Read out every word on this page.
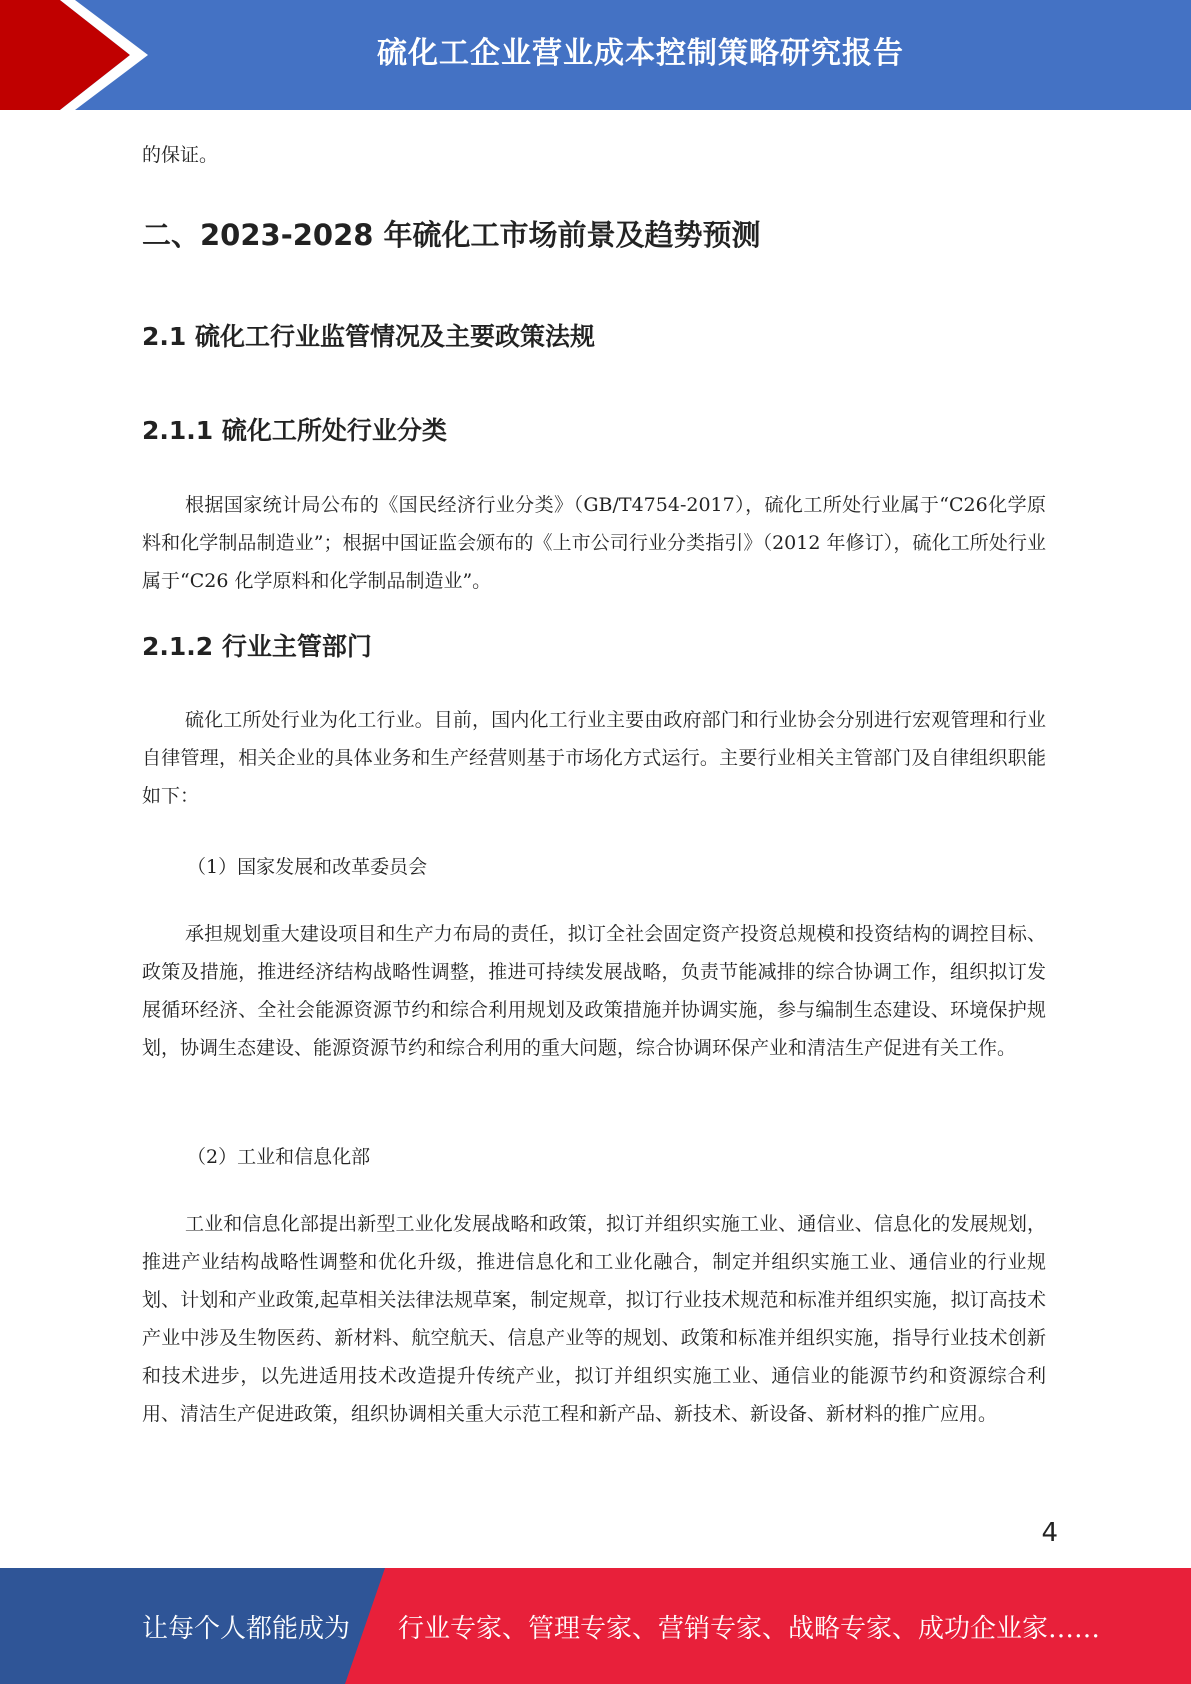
硫化工企业营业成本控制策略研究报告

的保证。

二、2023-2028 年硫化工市场前景及趋势预测
2.1 硫化工行业监管情况及主要政策法规
2.1.1 硫化工所处行业分类

根据国家统计局公布的《国民经济行业分类》（GB/T4754-2017），硫化工所处行业属于“C26化学原料和化学制品制造业”；根据中国证监会颁布的《上市公司行业分类指引》（2012 年修订），硫化工所处行业属于“C26 化学原料和化学制品制造业”。

2.1.2 行业主管部门

硫化工所处行业为化工行业。目前，国内化工行业主要由政府部门和行业协会分别进行宏观管理和行业自律管理，相关企业的具体业务和生产经营则基于市场化方式运行。主要行业相关主管部门及自律组织职能如下：

（1）国家发展和改革委员会

承担规划重大建设项目和生产力布局的责任，拟订全社会固定资产投资总规模和投资结构的调控目标、政策及措施，推进经济结构战略性调整，推进可持续发展战略，负责节能减排的综合协调工作，组织拟订发展循环经济、全社会能源资源节约和综合利用规划及政策措施并协调实施，参与编制生态建设、环境保护规划，协调生态建设、能源资源节约和综合利用的重大问题，综合协调环保产业和清洁生产促进有关工作。

（2）工业和信息化部

工业和信息化部提出新型工业化发展战略和政策，拟订并组织实施工业、通信业、信息化的发展规划，推进产业结构战略性调整和优化升级，推进信息化和工业化融合，制定并组织实施工业、通信业的行业规划、计划和产业政策,起草相关法律法规草案，制定规章，拟订行业技术规范和标准并组织实施，拟订高技术产业中涉及生物医药、新材料、航空航天、信息产业等的规划、政策和标准并组织实施，指导行业技术创新和技术进步，以先进适用技术改造提升传统产业，拟订并组织实施工业、通信业的能源节约和资源综合利用、清洁生产促进政策，组织协调相关重大示范工程和新产品、新技术、新设备、新材料的推广应用。

4
让每个人都能成为 行业专家、管理专家、营销专家、战略专家、成功企业家……
